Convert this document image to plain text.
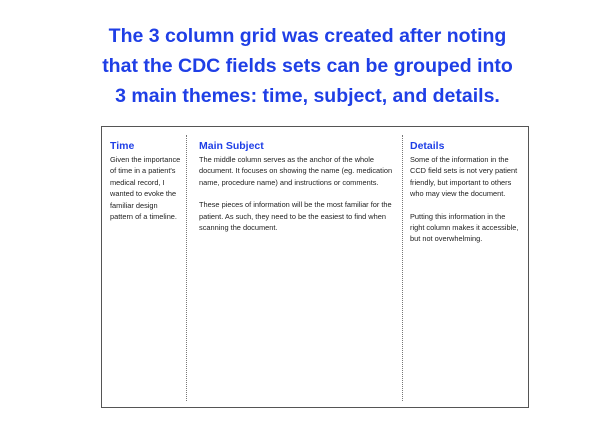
The 3 column grid was created after noting
that the CDC fields sets can be grouped into
3 main themes: time, subject, and details.

Time

Given the importance of time in a patient's medical record, I wanted to evoke the familiar design pattern of a timeline.

Main Subject

The middle column serves as the anchor of the whole document. It focuses on showing the name (eg. medication name, procedure name) and instructions or comments.

These pieces of information will be the most familiar for the patient. As such, they need to be the easiest to find when scanning the document.

Details

Some of the information in the CCD field sets is not very patient friendly, but important to others who may view the document.

Putting this information in the right column makes it accessible, but not overwhelming.
